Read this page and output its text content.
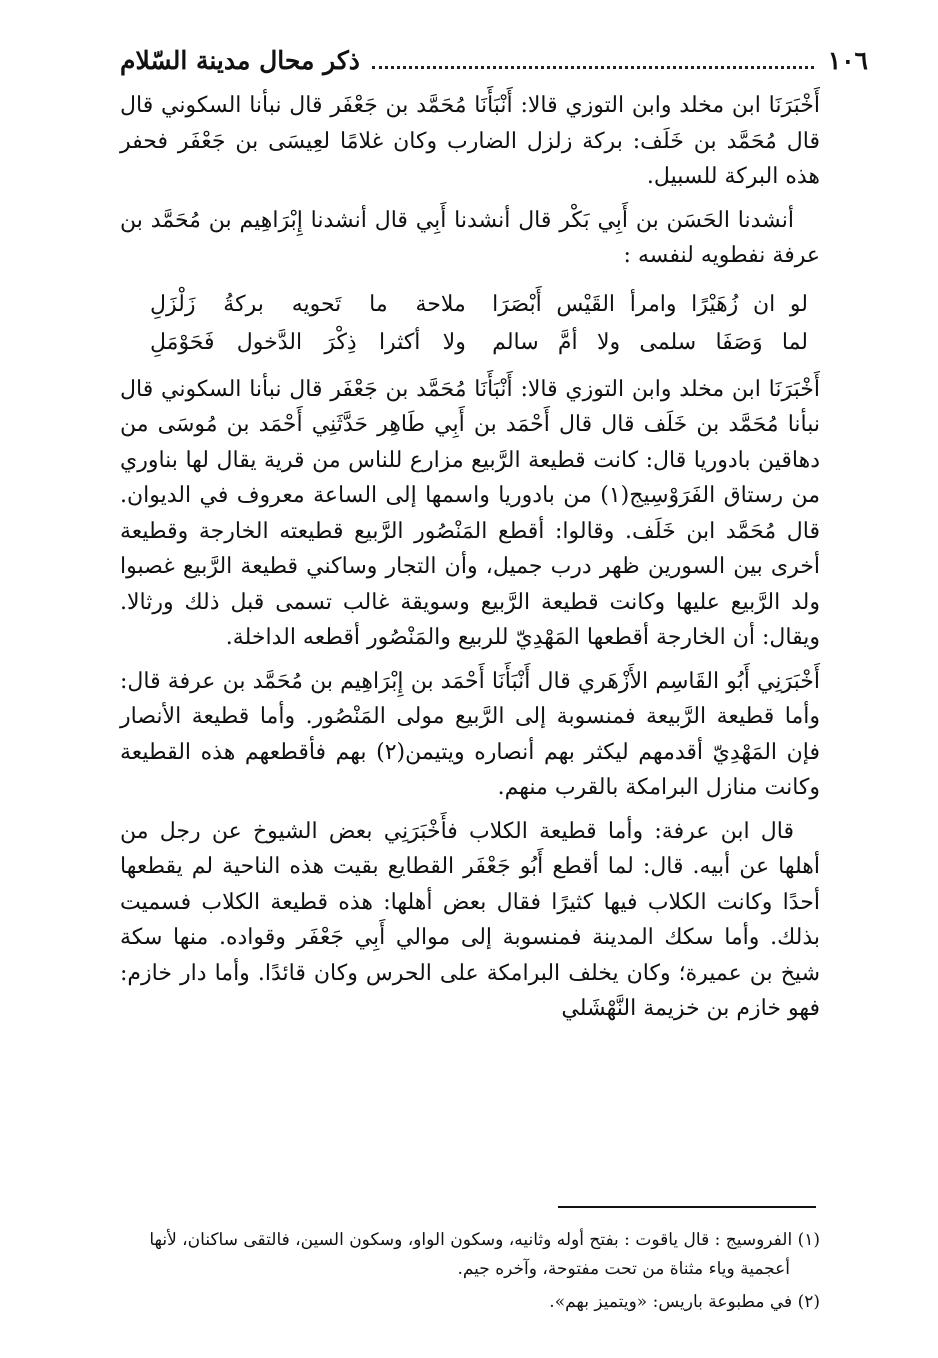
١٠٦
ذكر محال مدينة السّلام

أَخْبَرَنَا ابن مخلد وابن التوزي قالا: أَنْبَأَنَا مُحَمَّد بن جَعْفَر قال نبأنا السكوني قال قال مُحَمَّد بن خَلَف: بركة زلزل الضارب وكان غلامًا لعِيسَى بن جَعْفَر فحفر هذه البركة للسبيل.

أنشدنا الحَسَن بن أَبِي بَكْر قال أنشدنا أَبِي قال أنشدنا إِبْرَاهِيم بن مُحَمَّد بن عرفة نفطويه لنفسه :

لو ان زُهَيْرًا وامرأ القَيْس أَبْصَرَا
ملاحة ما تَحويه بركةُ زَلْزَلِ
لما وَصَفَا سلمى ولا أمَّ سالم
ولا أكثرا ذِكْرَ الدَّخول فَحَوْمَلِ

أَخْبَرَنَا ابن مخلد وابن التوزي قالا: أَنْبَأَنَا مُحَمَّد بن جَعْفَر قال نبأنا السكوني قال نبأنا مُحَمَّد بن خَلَف قال قال أَحْمَد بن أَبِي طَاهِر حَدَّثَنِي أَحْمَد بن مُوسَى من دهاقين بادوريا قال: كانت قطيعة الرَّبيع مزارع للناس من قرية يقال لها بناوري من رستاق الفَرَوْسِيج(١) من بادوريا واسمها إلى الساعة معروف في الديوان. قال مُحَمَّد ابن خَلَف. وقالوا: أقطع المَنْصُور الرَّبيع قطيعته الخارجة وقطيعة أخرى بين السورين ظهر درب جميل، وأن التجار وساكني قطيعة الرَّبيع غصبوا ولد الرَّبيع عليها وكانت قطيعة الرَّبيع وسويقة غالب تسمى قبل ذلك ورثالا. ويقال: أن الخارجة أقطعها المَهْدِيّ للربيع والمَنْصُور أقطعه الداخلة.

أَخْبَرَنِي أَبُو القَاسِم الأَزْهَري قال أَنْبَأَنَا أَحْمَد بن إِبْرَاهِيم بن مُحَمَّد بن عرفة قال: وأما قطيعة الرَّبيعة فمنسوبة إلى الرَّبيع مولى المَنْصُور. وأما قطيعة الأنصار فإن المَهْدِيّ أقدمهم ليكثر بهم أنصاره ويتيمن(٢) بهم فأقطعهم هذه القطيعة وكانت منازل البرامكة بالقرب منهم.

قال ابن عرفة: وأما قطيعة الكلاب فأَخْبَرَنِي بعض الشيوخ عن رجل من أهلها عن أبيه. قال: لما أقطع أَبُو جَعْفَر القطايع بقيت هذه الناحية لم يقطعها أحدًا وكانت الكلاب فيها كثيرًا فقال بعض أهلها: هذه قطيعة الكلاب فسميت بذلك. وأما سكك المدينة فمنسوبة إلى موالي أَبِي جَعْفَر وقواده. منها سكة شيخ بن عميرة؛ وكان يخلف البرامكة على الحرس وكان قائدًا. وأما دار خازم: فهو خازم بن خزيمة النَّهْشَلي

(١) الفروسيج : قال ياقوت : بفتح أوله وثانيه، وسكون الواو، وسكون السين، فالتقى ساكنان، لأنها
أعجمية وياء مثناة من تحت مفتوحة، وآخره جيم.

(٢) في مطبوعة باريس: «ويتميز بهم».
